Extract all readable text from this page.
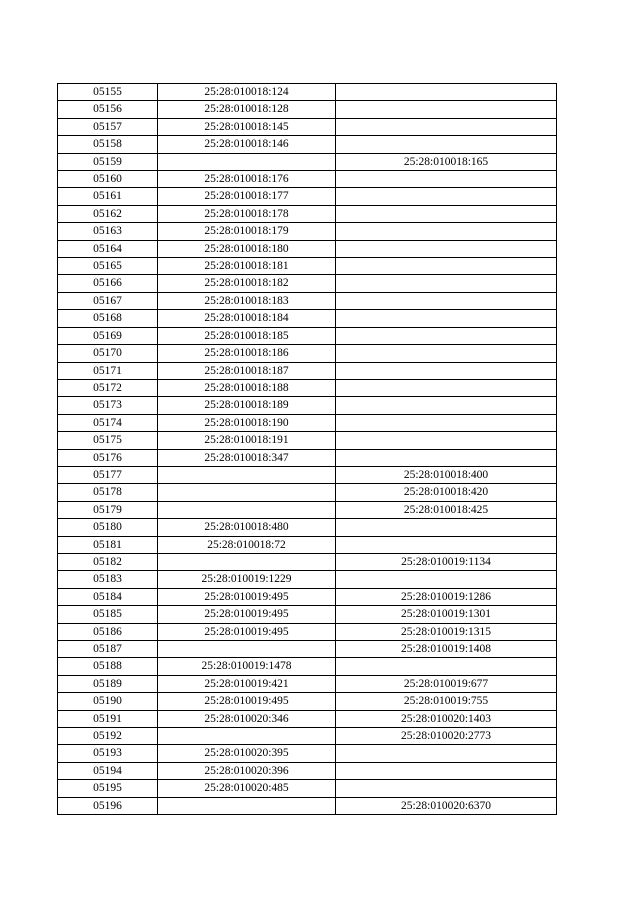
05155	25:28:010018:124	
05156	25:28:010018:128	
05157	25:28:010018:145	
05158	25:28:010018:146	
05159		25:28:010018:165
05160	25:28:010018:176	
05161	25:28:010018:177	
05162	25:28:010018:178	
05163	25:28:010018:179	
05164	25:28:010018:180	
05165	25:28:010018:181	
05166	25:28:010018:182	
05167	25:28:010018:183	
05168	25:28:010018:184	
05169	25:28:010018:185	
05170	25:28:010018:186	
05171	25:28:010018:187	
05172	25:28:010018:188	
05173	25:28:010018:189	
05174	25:28:010018:190	
05175	25:28:010018:191	
05176	25:28:010018:347	
05177		25:28:010018:400
05178		25:28:010018:420
05179		25:28:010018:425
05180	25:28:010018:480	
05181	25:28:010018:72	
05182		25:28:010019:1134
05183	25:28:010019:1229	
05184	25:28:010019:495	25:28:010019:1286
05185	25:28:010019:495	25:28:010019:1301
05186	25:28:010019:495	25:28:010019:1315
05187		25:28:010019:1408
05188	25:28:010019:1478	
05189	25:28:010019:421	25:28:010019:677
05190	25:28:010019:495	25:28:010019:755
05191	25:28:010020:346	25:28:010020:1403
05192		25:28:010020:2773
05193	25:28:010020:395	
05194	25:28:010020:396	
05195	25:28:010020:485	
05196		25:28:010020:6370
